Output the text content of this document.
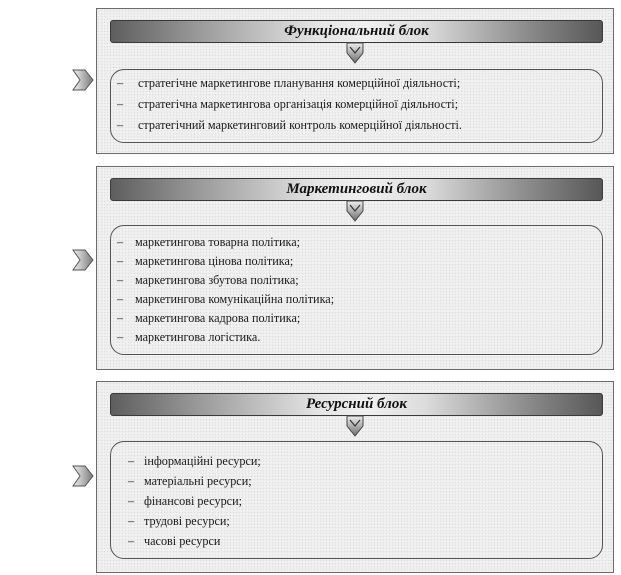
Функціональний блок
– стратегічне маркетингове планування комерційної діяльності;
– стратегічна маркетингова організація комерційної діяльності;
– стратегічний маркетинговий контроль комерційної діяльності.
Маркетинговий блок
– маркетингова товарна політика;
– маркетингова цінова політика;
– маркетингова збутова політика;
– маркетингова комунікаційна політика;
– маркетингова кадрова політика;
– маркетингова логістика.
Ресурсний блок
– інформаційні ресурси;
– матеріальні ресурси;
– фінансові ресурси;
– трудові ресурси;
– часові ресурси
